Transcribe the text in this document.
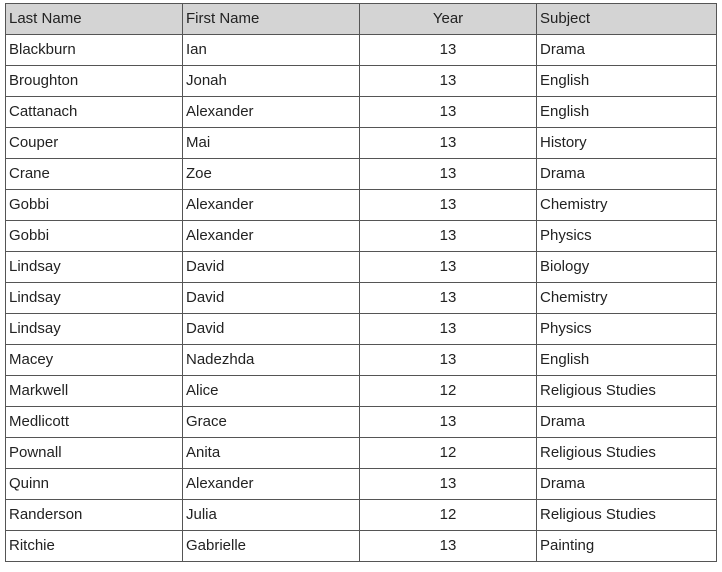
Last Name	First Name	Year	Subject
Blackburn	Ian	13	Drama
Broughton	Jonah	13	English
Cattanach	Alexander	13	English
Couper	Mai	13	History
Crane	Zoe	13	Drama
Gobbi	Alexander	13	Chemistry
Gobbi	Alexander	13	Physics
Lindsay	David	13	Biology
Lindsay	David	13	Chemistry
Lindsay	David	13	Physics
Macey	Nadezhda	13	English
Markwell	Alice	12	Religious Studies
Medlicott	Grace	13	Drama
Pownall	Anita	12	Religious Studies
Quinn	Alexander	13	Drama
Randerson	Julia	12	Religious Studies
Ritchie	Gabrielle	13	Painting
